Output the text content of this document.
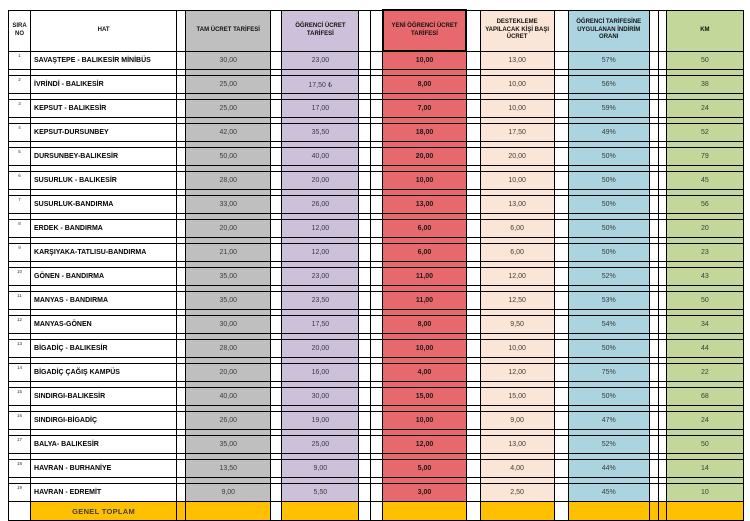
SIRA NO	HAT		TAM ÜCRET TARİFESİ		ÖĞRENCİ ÜCRET TARİFESİ			YENİ ÖĞRENCİ ÜCRET TARİFESİ		DESTEKLEME YAPILACAK KİŞİ BAŞI ÜCRET		ÖĞRENCİ TARİFESİNE UYGULANAN İNDİRİM ORANI			KM

1	SAVAŞTEPE - BALIKESİR MİNİBÜS		30,00		23,00			10,00		13,00		57%			50

2	İVRİNDİ - BALIKESİR		25,00		17,50 ₺			8,00		10,00		56%			38

3	KEPSUT - BALIKESİR		25,00		17,00			7,00		10,00		59%			24

4	KEPSUT-DURSUNBEY		42,00		35,50			18,00		17,50		49%			52

5	DURSUNBEY-BALIKESİR		50,00		40,00			20,00		20,00		50%			79

6	SUSURLUK - BALIKESİR		28,00		20,00			10,00		10,00		50%			45

7	SUSURLUK-BANDIRMA		33,00		26,00			13,00		13,00		50%			56

8	ERDEK - BANDIRMA		20,00		12,00			6,00		6,00		50%			20

9	KARŞIYAKA-TATLISU-BANDIRMA		21,00		12,00			6,00		6,00		50%			23

10	GÖNEN - BANDIRMA		35,00		23,00			11,00		12,00		52%			43

11	MANYAS - BANDIRMA		35,00		23,50			11,00		12,50		53%			50

12	MANYAS-GÖNEN		30,00		17,50			8,00		9,50		54%			34

13	BİGADİÇ - BALIKESİR		28,00		20,00			10,00		10,00		50%			44

14	BİGADİÇ ÇAĞIŞ KAMPÜS		20,00		16,00			4,00		12,00		75%			22

15	SINDIRGI-BALIKESİR		40,00		30,00			15,00		15,00		50%			68

16	SINDIRGI-BİGADİÇ		26,00		19,00			10,00		9,00		47%			24

17	BALYA- BALIKESİR		35,00		25,00			12,00		13,00		52%			50

18	HAVRAN - BURHANİYE		13,50		9,00			5,00		4,00		44%			14

19	HAVRAN - EDREMİT		9,00		5,50			3,00		2,50		45%			10
	GENEL TOPLAM														
